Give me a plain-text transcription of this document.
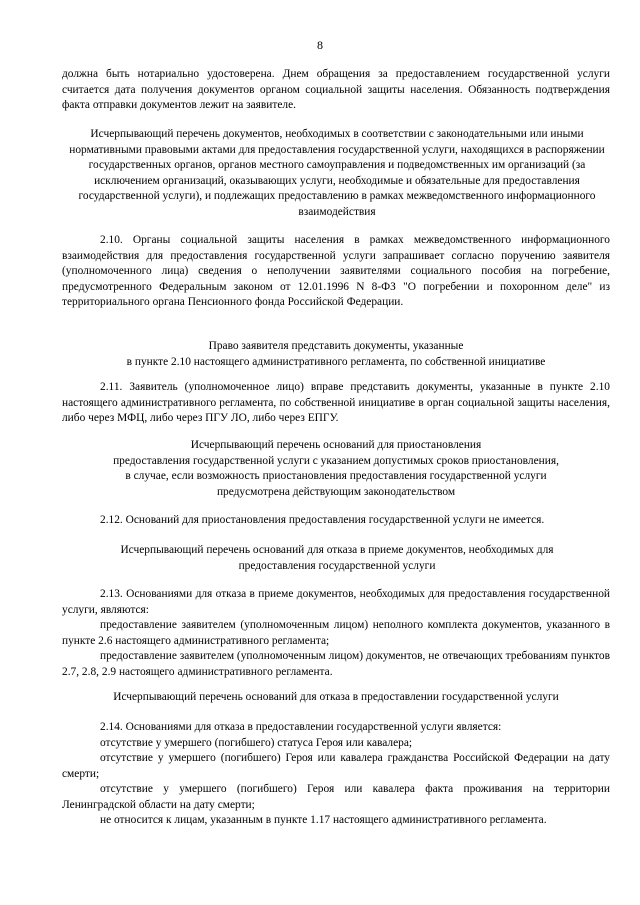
8

должна быть нотариально удостоверена. Днем обращения за предоставлением государственной услуги считается дата получения документов органом социальной защиты населения. Обязанность подтверждения факта отправки документов лежит на заявителе.

Исчерпывающий перечень документов, необходимых в соответствии с законодательными или иными нормативными правовыми актами для предоставления государственной услуги, находящихся в распоряжении государственных органов, органов местного самоуправления и подведомственных им организаций (за исключением организаций, оказывающих услуги, необходимые и обязательные для предоставления государственной услуги), и подлежащих предоставлению в рамках межведомственного информационного взаимодействия

2.10. Органы социальной защиты населения в рамках межведомственного информационного взаимодействия для предоставления государственной услуги запрашивает согласно поручению заявителя (уполномоченного лица) сведения о неполучении заявителями социального пособия на погребение, предусмотренного Федеральным законом от 12.01.1996 N 8-ФЗ "О погребении и похоронном деле" из территориального органа Пенсионного фонда Российской Федерации.

Право заявителя представить документы, указанные

в пункте 2.10 настоящего административного регламента, по собственной инициативе

2.11. Заявитель (уполномоченное лицо) вправе представить документы, указанные в пункте 2.10 настоящего административного регламента, по собственной инициативе в орган социальной защиты населения, либо через МФЦ, либо через ПГУ ЛО, либо через ЕПГУ.

Исчерпывающий перечень оснований для приостановления

предоставления государственной услуги с указанием допустимых сроков приостановления,

в случае, если возможность приостановления предоставления государственной услуги

предусмотрена действующим законодательством

2.12. Оснований для приостановления предоставления государственной услуги не имеется.

Исчерпывающий перечень оснований для отказа в приеме документов, необходимых для предоставления государственной услуги

2.13. Основаниями для отказа в приеме документов, необходимых для предоставления государственной услуги, являются:

предоставление заявителем (уполномоченным лицом) неполного комплекта документов, указанного в пункте 2.6 настоящего административного регламента;

предоставление заявителем (уполномоченным лицом) документов, не отвечающих требованиям пунктов 2.7, 2.8, 2.9 настоящего административного регламента.

Исчерпывающий перечень оснований для отказа в предоставлении государственной услуги

2.14. Основаниями для отказа в предоставлении государственной услуги является:

отсутствие у умершего (погибшего) статуса Героя или кавалера;

отсутствие у умершего (погибшего) Героя или кавалера гражданства Российской Федерации на дату смерти;

отсутствие у умершего (погибшего) Героя или кавалера факта проживания на территории Ленинградской области на дату смерти;

не относится к лицам, указанным в пункте 1.17 настоящего административного регламента.
